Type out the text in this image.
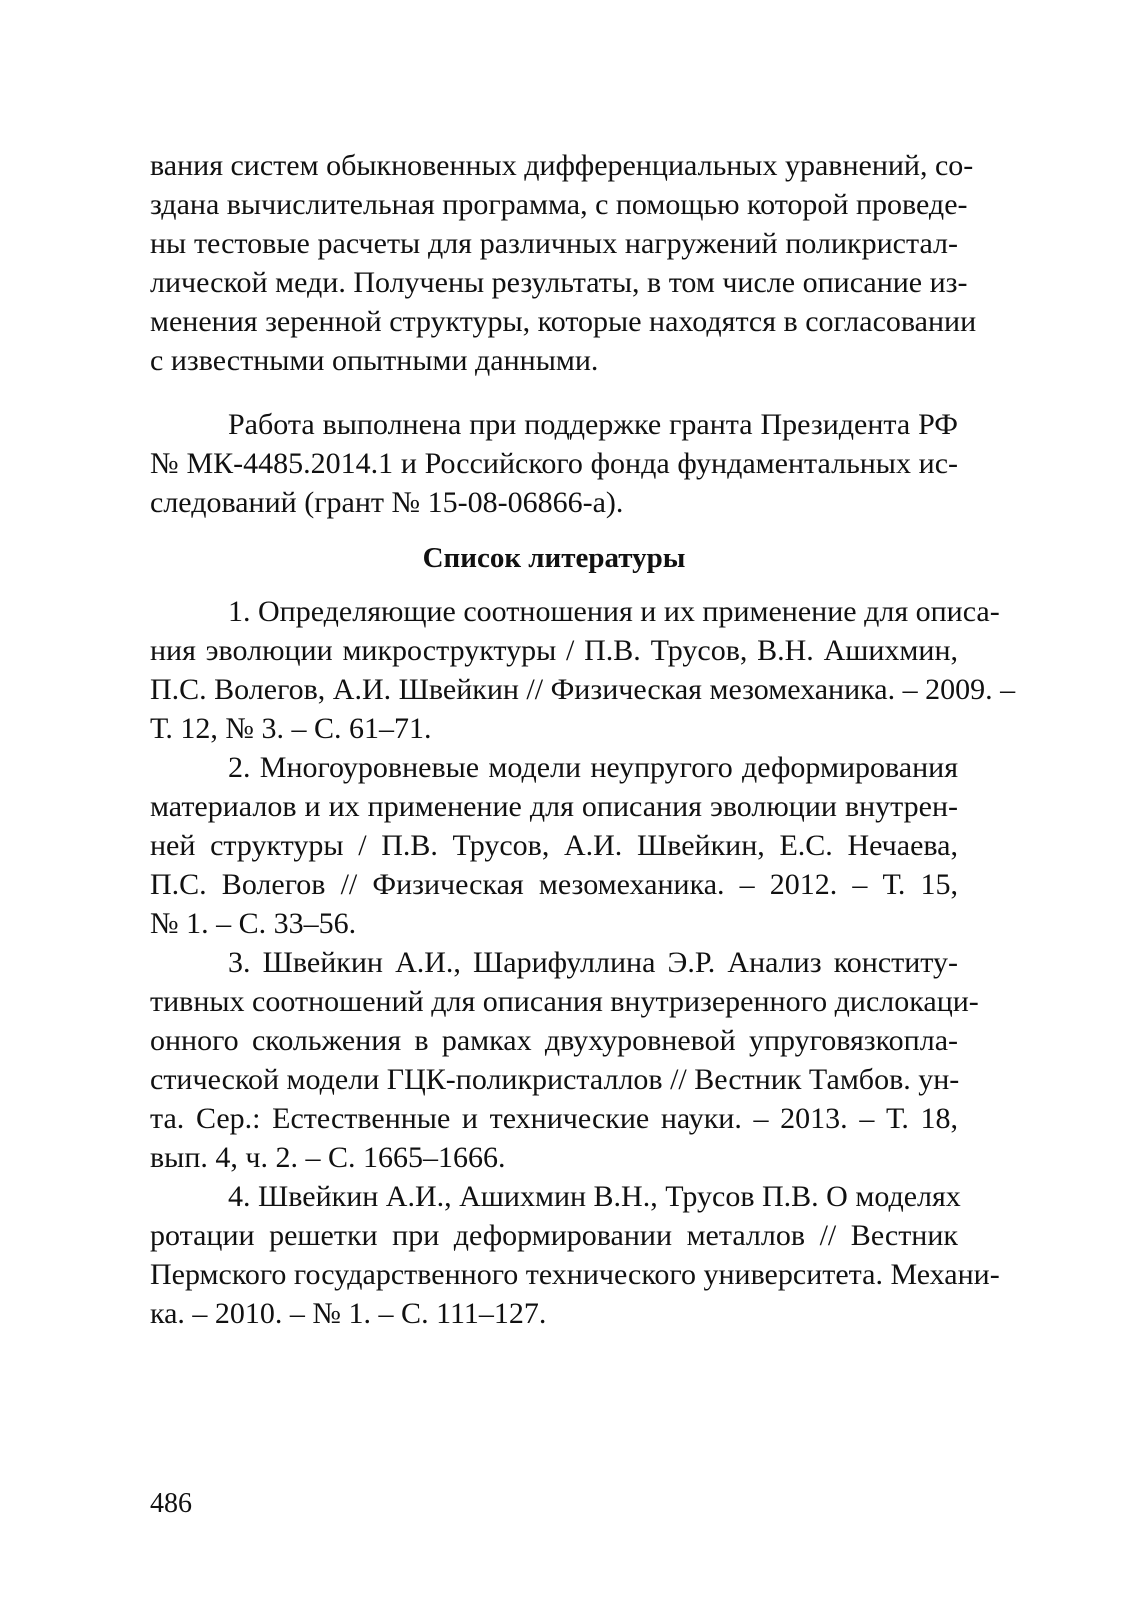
вания систем обыкновенных дифференциальных уравнений, со-
здана вычислительная программа, с помощью которой проведе-
ны тестовые расчеты для различных нагружений поликристал-
лической меди. Получены результаты, в том числе описание из-
менения зеренной структуры, которые находятся в согласовании
с известными опытными данными.
Работа выполнена при поддержке гранта Президента РФ
№ МК-4485.2014.1 и Российского фонда фундаментальных ис-
следований (грант № 15-08-06866-а).
Список литературы
1. Определяющие соотношения и их применение для описа-
ния эволюции микроструктуры / П.В. Трусов, В.Н. Ашихмин,
П.С. Волегов, А.И. Швейкин // Физическая мезомеханика. – 2009. –
Т. 12, № 3. – С. 61–71.
2. Многоуровневые модели неупругого деформирования
материалов и их применение для описания эволюции внутрен-
ней структуры / П.В. Трусов, А.И. Швейкин, Е.С. Нечаева,
П.С. Волегов // Физическая мезомеханика. – 2012. – Т. 15,
№ 1. – С. 33–56.
3. Швейкин А.И., Шарифуллина Э.Р. Анализ конститу-
тивных соотношений для описания внутризеренного дислокаци-
онного скольжения в рамках двухуровневой упруговязкопла-
стической модели ГЦК-поликристаллов // Вестник Тамбов. ун-
та. Сер.: Естественные и технические науки. – 2013. – Т. 18,
вып. 4, ч. 2. – С. 1665–1666.
4. Швейкин А.И., Ашихмин В.Н., Трусов П.В. О моделях
ротации решетки при деформировании металлов // Вестник
Пермского государственного технического университета. Механи-
ка. – 2010. – № 1. – С. 111–127.
486
